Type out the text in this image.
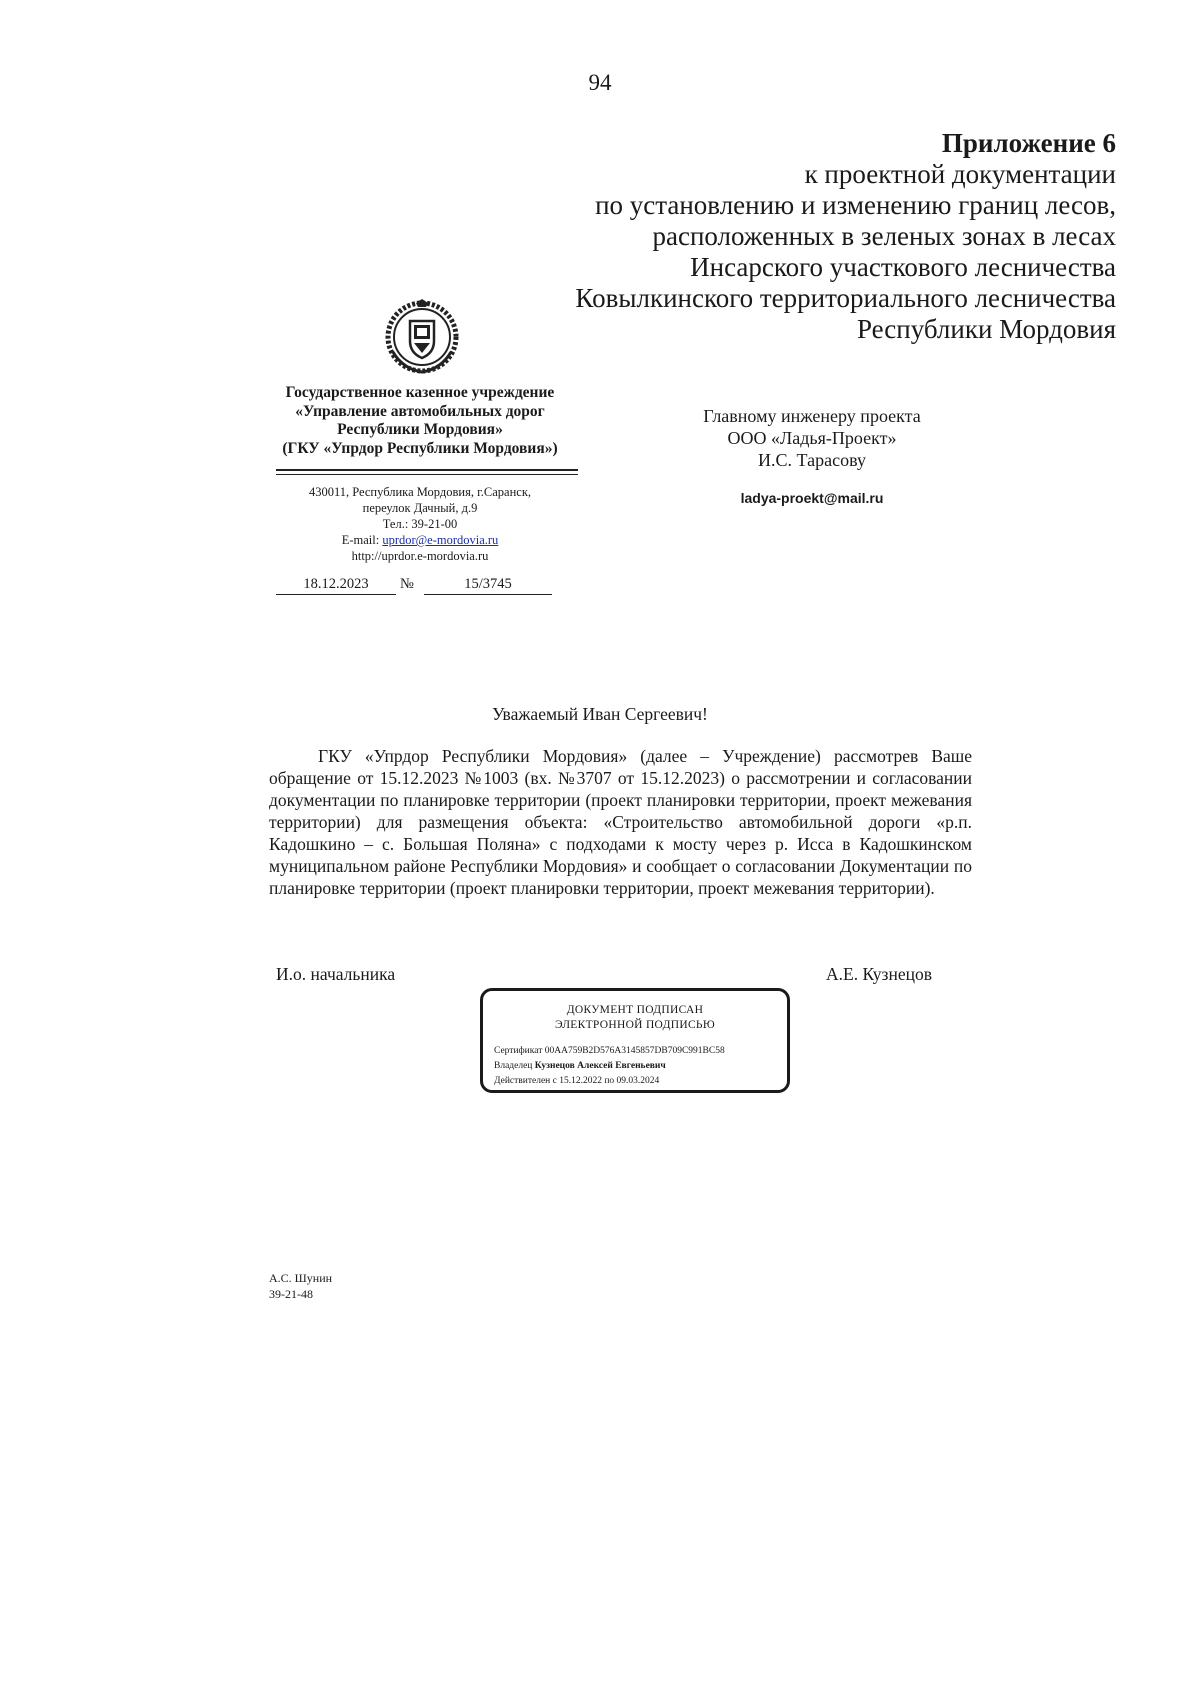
94
Приложение 6
к проектной документации
по установлению и изменению границ лесов,
расположенных в зеленых зонах в лесах
Инсарского участкового лесничества
Ковылкинского территориального лесничества
Республики Мордовия
Государственное казенное учреждение
«Управление автомобильных дорог
Республики Мордовия»
(ГКУ «Упрдор Республики Мордовия»)
430011, Республика Мордовия, г.Саранск,
переулок Дачный, д.9
Тел.: 39-21-00
E-mail: uprdor@e-mordovia.ru
http://uprdor.e-mordovia.ru
18.12.2023	№	15/3745
Главному инженеру проекта
ООО «Ладья-Проект»
И.С. Тарасову
ladya-proekt@mail.ru
Уважаемый Иван Сергеевич!

ГКУ «Упрдор Республики Мордовия» (далее – Учреждение) рассмотрев Ваше обращение от 15.12.2023 №1003 (вх. №3707 от 15.12.2023) о рассмотрении и согласовании документации по планировке территории (проект планировки территории, проект межевания территории) для размещения объекта: «Строительство автомобильной дороги «р.п. Кадошкино – с. Большая Поляна» с подходами к мосту через р. Исса в Кадошкинском муниципальном районе Республики Мордовия» и сообщает о согласовании Документации по планировке территории (проект планировки территории, проект межевания территории).

И.о. начальника	А.Е. Кузнецов
ДОКУМЕНТ ПОДПИСАН
ЭЛЕКТРОННОЙ ПОДПИСЬЮ
Сертификат 00AA759B2D576A3145857DB709C991BC58
Владелец Кузнецов Алексей Евгеньевич
Действителен с 15.12.2022 по 09.03.2024
А.С. Шунин
39-21-48
